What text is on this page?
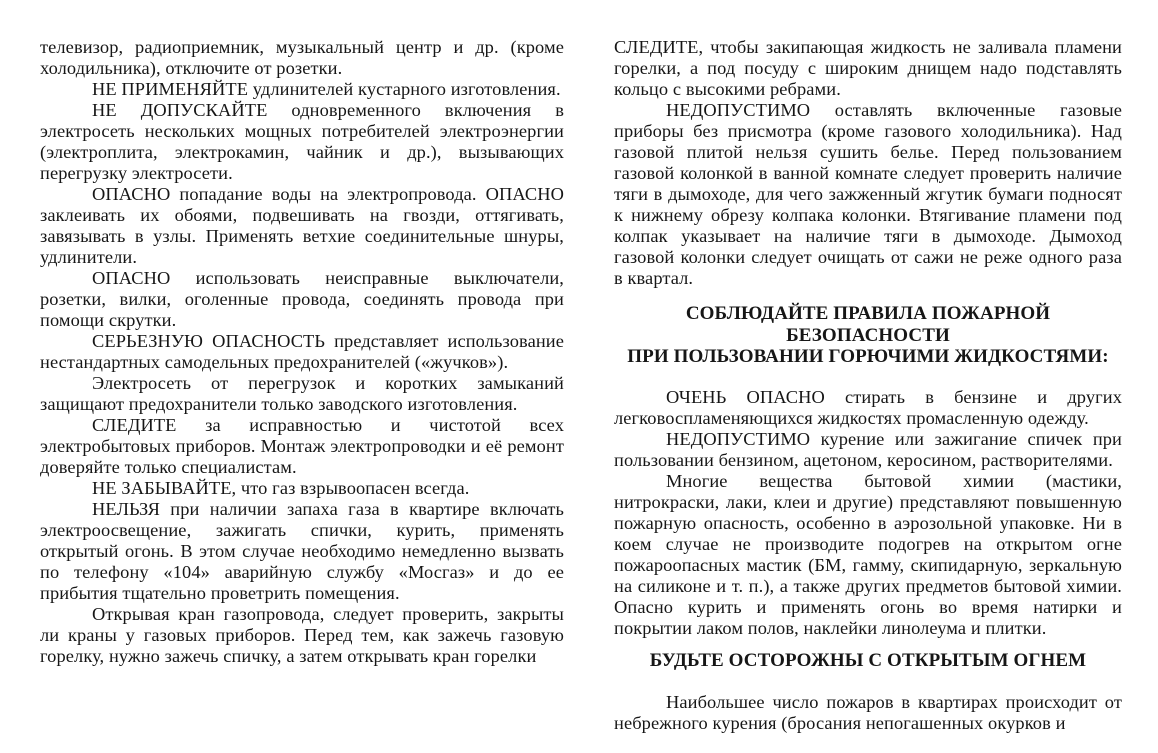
телевизор, радиоприемник, музыкальный центр и др. (кроме холодильника), отключите от розетки.

НЕ ПРИМЕНЯЙТЕ удлинителей кустарного изготовления.

НЕ ДОПУСКАЙТЕ одновременного включения в электросеть нескольких мощных потребителей электроэнергии (электроплита, электрокамин, чайник и др.), вызывающих перегрузку электросети.

ОПАСНО попадание воды на электропровода. ОПАСНО заклеивать их обоями, подвешивать на гвозди, оттягивать, завязывать в узлы. Применять ветхие соединительные шнуры, удлинители.

ОПАСНО использовать неисправные выключатели, розетки, вилки, оголенные провода, соединять провода при помощи скрутки.

СЕРЬЕЗНУЮ ОПАСНОСТЬ представляет использование нестандартных самодельных предохранителей («жучков»).

Электросеть от перегрузок и коротких замыканий защищают предохранители только заводского изготовления.

СЛЕДИТЕ за исправностью и чистотой всех электробытовых приборов. Монтаж электропроводки и её ремонт доверяйте только специалистам.

НЕ ЗАБЫВАЙТЕ, что газ взрывоопасен всегда.

НЕЛЬЗЯ при наличии запаха газа в квартире включать электроосвещение, зажигать спички, курить, применять открытый огонь. В этом случае необходимо немедленно вызвать по телефону «104» аварийную службу «Мосгаз» и до ее прибытия тщательно проветрить помещения.

Открывая кран газопровода, следует проверить, закрыты ли краны у газовых приборов. Перед тем, как зажечь газовую горелку, нужно зажечь спичку, а затем открывать кран горелки

СЛЕДИТЕ, чтобы закипающая жидкость не заливала пламени горелки, а под посуду с широким днищем надо подставлять кольцо с высокими ребрами.

НЕДОПУСТИМО оставлять включенные газовые приборы без присмотра (кроме газового холодильника). Над газовой плитой нельзя сушить белье. Перед пользованием газовой колонкой в ванной комнате следует проверить наличие тяги в дымоходе, для чего зажженный жгутик бумаги подносят к нижнему обрезу колпака колонки. Втягивание пламени под колпак указывает на наличие тяги в дымоходе. Дымоход газовой колонки следует очищать от сажи не реже одного раза в квартал.

СОБЛЮДАЙТЕ ПРАВИЛА ПОЖАРНОЙ
БЕЗОПАСНОСТИ
ПРИ ПОЛЬЗОВАНИИ ГОРЮЧИМИ ЖИДКОСТЯМИ:

ОЧЕНЬ ОПАСНО стирать в бензине и других легковоспламеняющихся жидкостях промасленную одежду.

НЕДОПУСТИМО курение или зажигание спичек при пользовании бензином, ацетоном, керосином, растворителями.

Многие вещества бытовой химии (мастики, нитрокраски, лаки, клеи и другие) представляют повышенную пожарную опасность, особенно в аэрозольной упаковке. Ни в коем случае не производите подогрев на открытом огне пожароопасных мастик (БМ, гамму, скипидарную, зеркальную на силиконе и т. п.), а также других предметов бытовой химии. Опасно курить и применять огонь во время натирки и покрытии лаком полов, наклейки линолеума и плитки.

БУДЬТЕ ОСТОРОЖНЫ С ОТКРЫТЫМ ОГНЕМ

Наибольшее число пожаров в квартирах происходит от небрежного курения (бросания непогашенных окурков и
